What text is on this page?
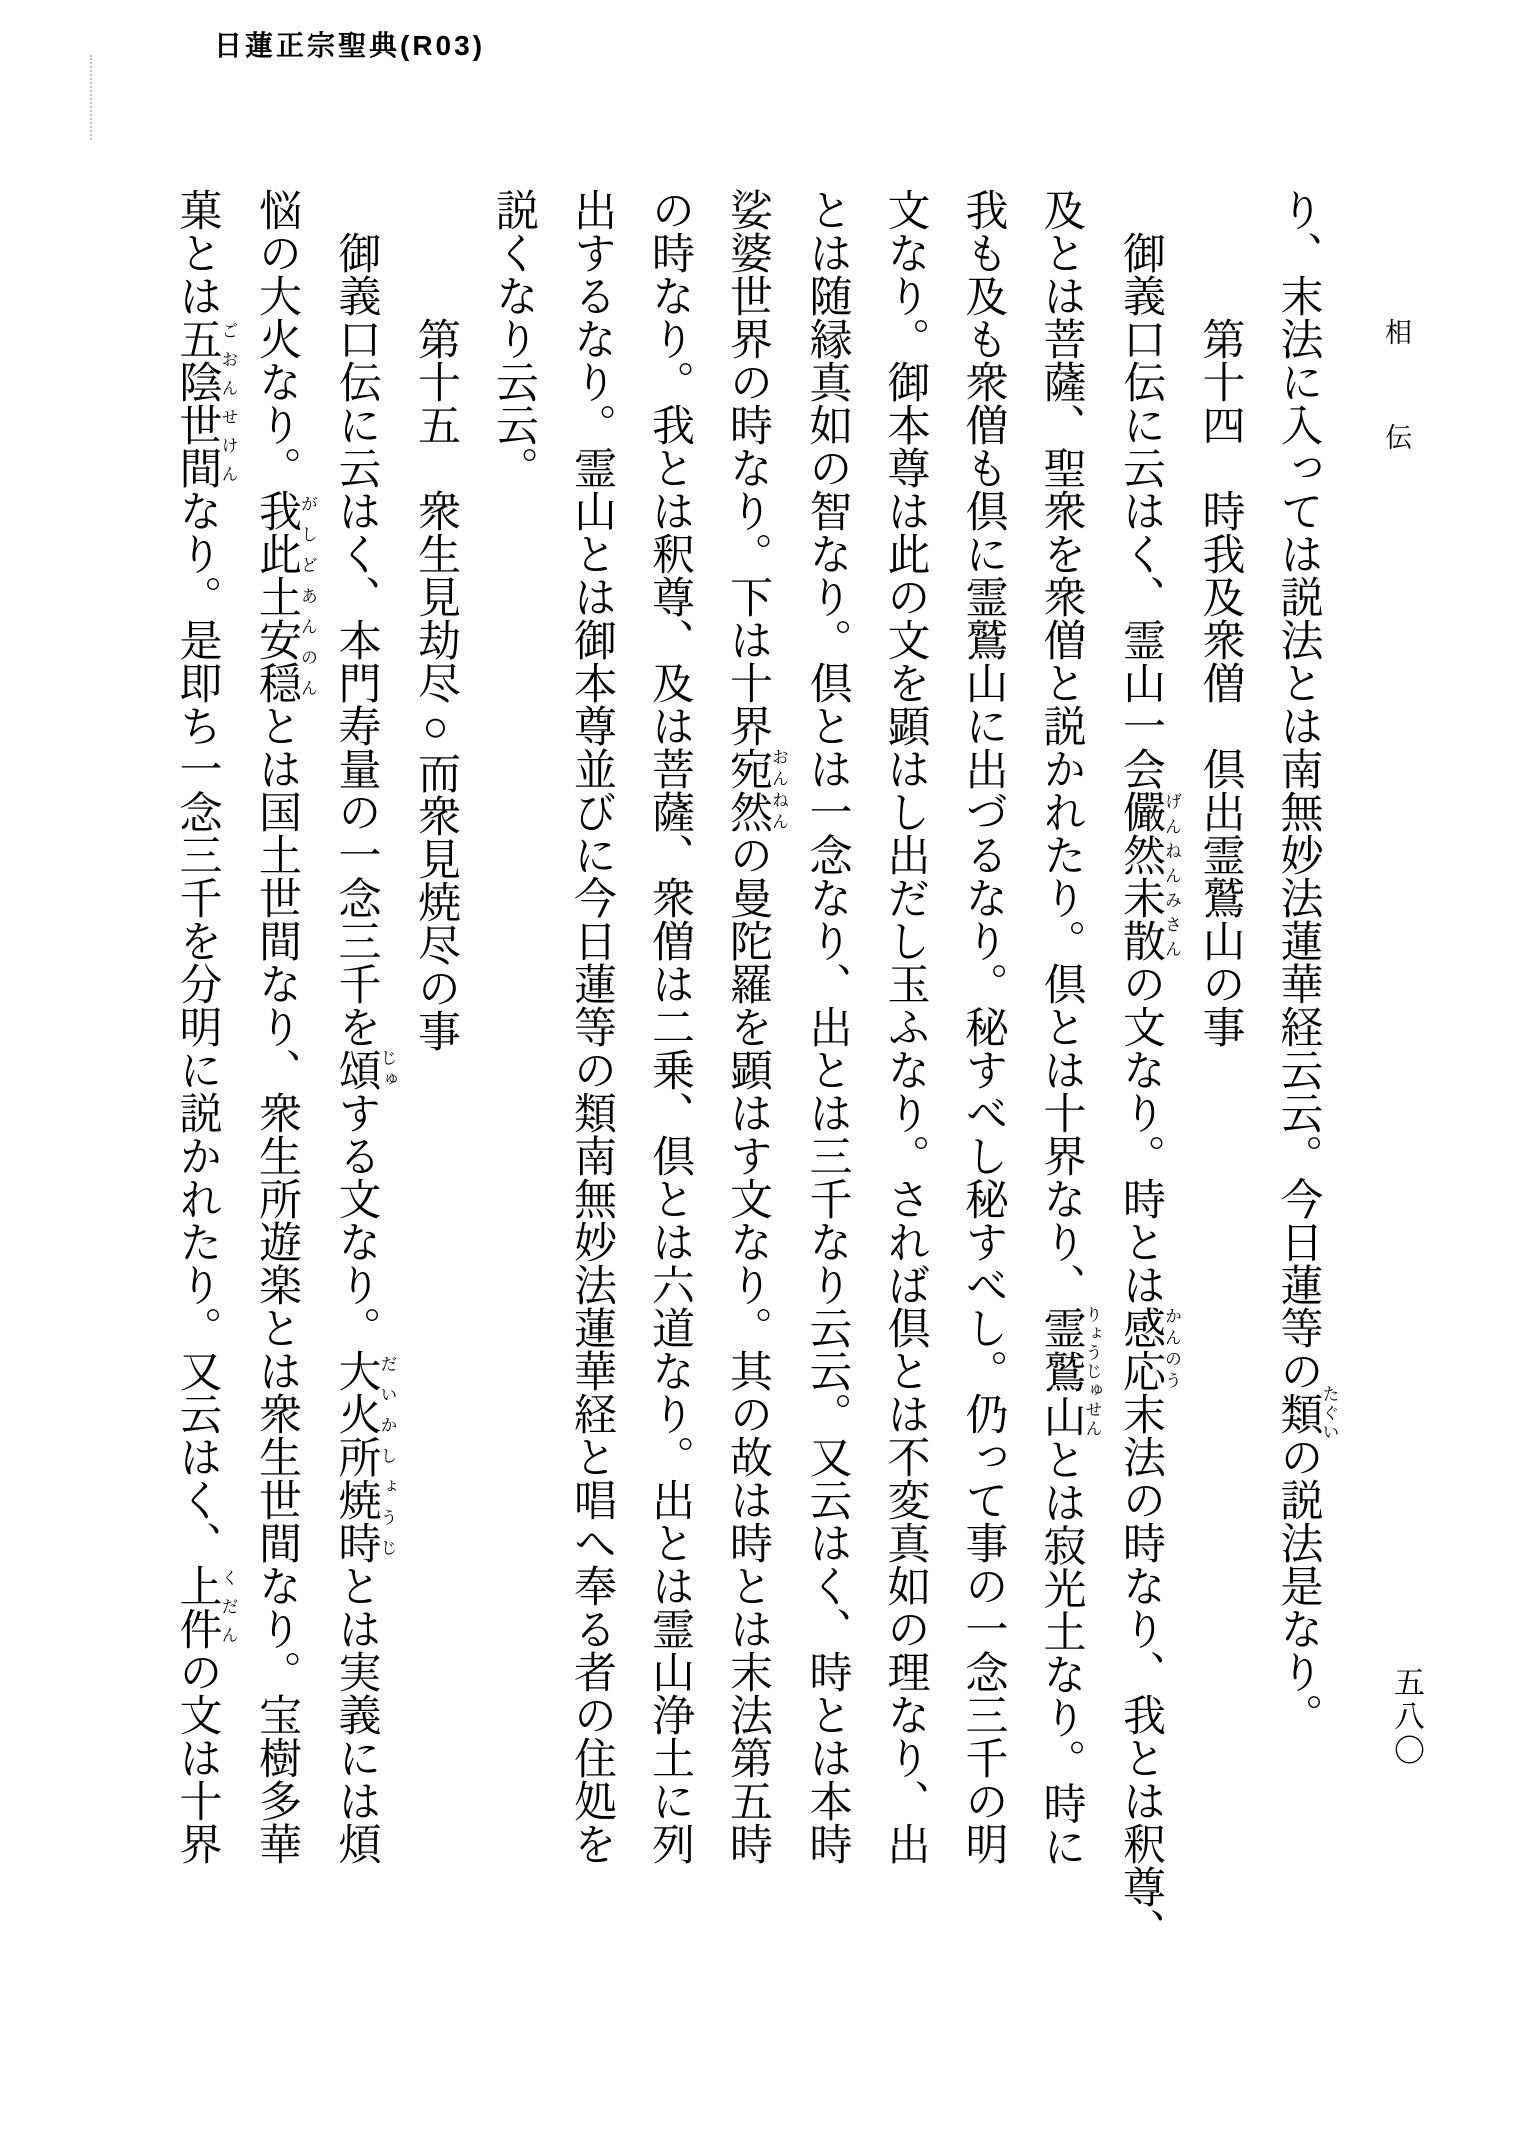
日蓮正宗聖典(R03)
相伝

り、末法に入っては説法とは南無妙法蓮華経云云。今日蓮等の類たぐいの説法是なり。

第十四　時我及衆僧　倶出霊鷲山の事

御義口伝に云はく、霊山一会儼然未散げんねんみさんの文なり。時とは感応かんのう末法の時なり、我とは釈尊、

及とは菩薩、聖衆を衆僧と説かれたり。倶とは十界なり、霊鷲山りょうじゅせんとは寂光土なり。時に

我も及も衆僧も倶に霊鷲山に出づるなり。秘すべし秘すべし。仍って事の一念三千の明

文なり。御本尊は此の文を顕はし出だし玉ふなり。されば倶とは不変真如の理なり、出

とは随縁真如の智なり。倶とは一念なり、出とは三千なり云云。又云はく、時とは本時

娑婆世界の時なり。下は十界宛然おんねんの曼陀羅を顕はす文なり。其の故は時とは末法第五時

の時なり。我とは釈尊、及は菩薩、衆僧は二乗、倶とは六道なり。出とは霊山浄土に列

出するなり。霊山とは御本尊並びに今日蓮等の類南無妙法蓮華経と唱へ奉る者の住処を

説くなり云云。

第十五　衆生見劫尽○而衆見焼尽の事

御義口伝に云はく、本門寿量の一念三千を頌じゅする文なり。大火所焼時だいかしょうじとは実義には煩

悩の大火なり。我此土安穏がしどあんのんとは国土世間なり、衆生所遊楽とは衆生世間なり。宝樹多華

菓とは五陰世間ごおんせけんなり。是即ち一念三千を分明に説かれたり。又云はく、上件くだんの文は十界	五八〇
